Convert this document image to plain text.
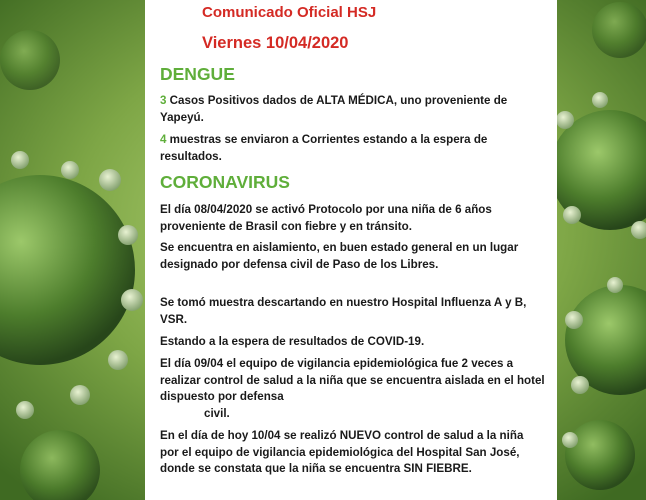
Comunicado Oficial HSJ
Viernes 10/04/2020
DENGUE
3 Casos Positivos dados de ALTA MÉDICA, uno proveniente de Yapeyú.
4 muestras se enviaron a Corrientes estando a la espera de resultados.
CORONAVIRUS
El día 08/04/2020 se activó Protocolo por una niña de 6 años proveniente de Brasil con fiebre y en tránsito.
Se encuentra en aislamiento, en buen estado general en un lugar designado por defensa civil de Paso de los Libres.
Se tomó muestra descartando en nuestro Hospital Influenza A y B, VSR.
Estando a la espera de resultados de COVID-19.
El día 09/04 el equipo de vigilancia epidemiológica fue 2 veces a realizar control de salud a la niña que se encuentra aislada en el hotel dispuesto por defensa
civil.
En el día de hoy 10/04 se realizó NUEVO control de salud a la niña por el equipo de vigilancia epidemiológica del Hospital San José, donde se constata que la niña se encuentra SIN FIEBRE.
